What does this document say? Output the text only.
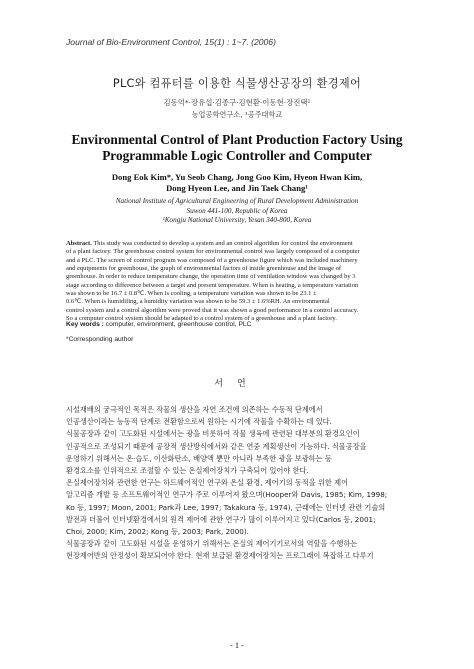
Journal of Bio-Environment Control, 15(1) : 1~7. (2006)
PLC와 컴퓨터를 이용한 식물생산공장의 환경제어
김동억*·장유섭·김종구·김현환·이동현·장진택¹
농업공학연구소, ¹공주대학교
Environmental Control of Plant Production Factory Using
Programmable Logic Controller and Computer
Dong Eok Kim*, Yu Seob Chang, Jong Goo Kim, Hyeon Hwan Kim,
Dong Hyeon Lee, and Jin Taek Chang¹
National Institute of Agricultural Engineering of Rural Development Administration
Suwon 441-100, Republic of Korea
¹Kongju National University, Yesan 340-800, Korea
Abstract. This study was conducted to develop a system and an control algorithm for control the environment
of a plant factory. The greenhouse control system for environmental control was largely composed of a computer
and a PLC. The screen of control program was composed of a greenhouse figure which was included machinery
and equipments for greenhouse, the graph of environmental factors of inside greenhouse and the image of
greenhouse. In order to reduce temperature change, the operation time of ventilation window was changed by 3
stage according to difference between a target and present temperature. When is heating, a temperature variation
was shown to be 16.7 ± 0.8℃. When is cooling, a temperature variation was shown to be 23.1 ±
0.6℃. When is humidifing, a humidity variation was shown to be 59.3 ± 1.6%RH. An environmental
control system and a control algorithm were proved that it was shown a good performance in a control accuracy.
So a computer control system should be adapted to a control system of a greenhouse and a plant factory.
Key words : computer, environment, greenhouse control, PLC
*Corresponding author
서언
시설재배의 궁극적인 목적은 작물의 생산을 자연 조건에 의존하는 수동적 단계에서
인공생산이라는 능동적 단계로 전환함으로써 원하는 시기에 작물을 수확하는 데 있다.
식물공장과 같이 고도화된 시설에서는 광을 비롯하여 작물 생육에 관련된 대부분의 환경요인이
인공적으로 조성되기 때문에 공장적 생산방식에서와 같은 연중 계획생산이 가능하다. 식물공장을
운영하기 위해서는 온·습도, 이산화탄소, 배양액 뿐만 아니라 부족한 광을 보광하는 등
환경요소를 인위적으로 조절할 수 있는 온실제어장치가 구축되어 있어야 한다.
온실제어장치와 관련한 연구는 하드웨어적인 연구와 온실 환경, 제어기의 동적을 위한 제어
알고리즘 개발 등 소프트웨어적인 연구가 주로 이루어져 왔으며(Hooper와 Davis, 1985; Kim, 1998;
Ko 등, 1997; Moon, 2001; Park과 Lee, 1997; Takakura 등, 1974), 근래에는 인터넷 관련 기술의
발전과 더불어 인터넷환경에서의 원격 제어에 관한 연구가 많이 이루어지고 있다(Carlos 등, 2001;
Choi, 2000; Kim, 2002; Kong 등, 2003; Park, 2000).
식물공장과 같이 고도화된 시설을 운영하기 위해서는 온실의 제어기기로서의 역할을 수행하는
현장제어반의 안정성이 확보되어야 한다. 현재 보급된 환경제어장치는 프로그래이 복잡하고 다루기
- 1 -
